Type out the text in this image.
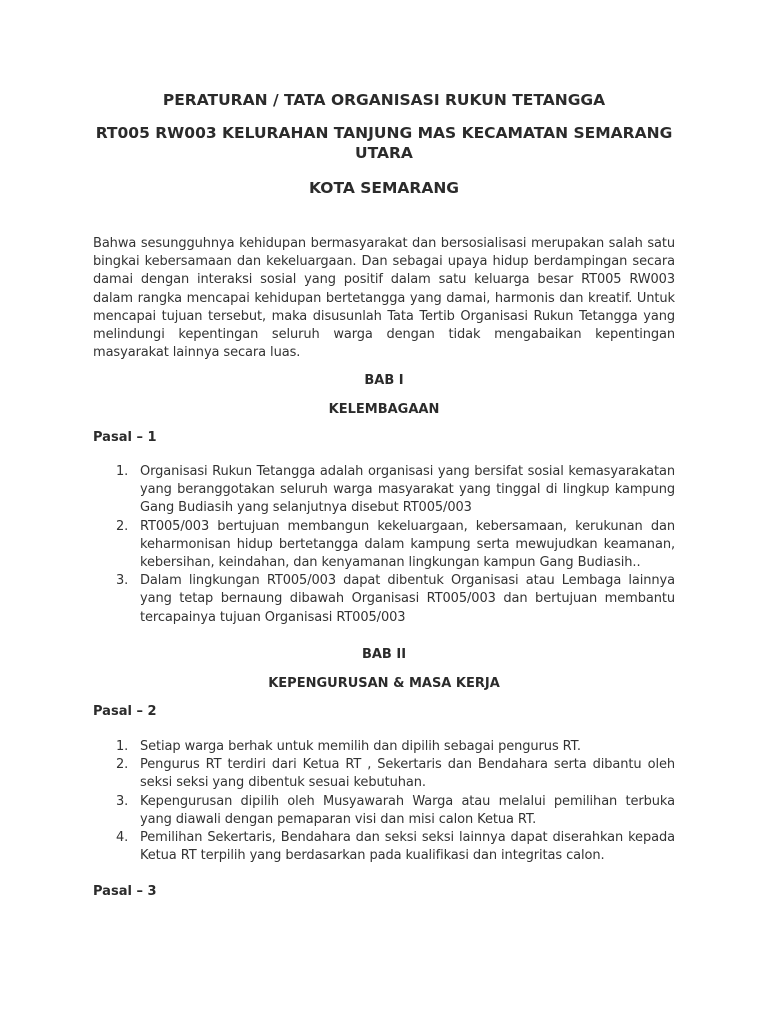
PERATURAN / TATA ORGANISASI RUKUN TETANGGA

RT005 RW003 KELURAHAN TANJUNG MAS KECAMATAN SEMARANG UTARA

KOTA SEMARANG

Bahwa sesungguhnya kehidupan bermasyarakat dan bersosialisasi merupakan salah satu bingkai kebersamaan dan kekeluargaan. Dan sebagai upaya hidup berdampingan secara damai dengan interaksi sosial yang positif dalam satu keluarga besar RT005 RW003 dalam rangka mencapai kehidupan bertetangga yang damai, harmonis dan kreatif. Untuk mencapai tujuan tersebut, maka disusunlah Tata Tertib Organisasi Rukun Tetangga yang melindungi kepentingan seluruh warga dengan tidak mengabaikan kepentingan masyarakat lainnya secara luas.

BAB I

KELEMBAGAAN

Pasal – 1

1. Organisasi Rukun Tetangga adalah organisasi yang bersifat sosial kemasyarakatan yang beranggotakan seluruh warga masyarakat yang tinggal di lingkup kampung Gang Budiasih yang selanjutnya disebut RT005/003
2. RT005/003 bertujuan membangun kekeluargaan, kebersamaan, kerukunan dan keharmonisan hidup bertetangga dalam kampung serta mewujudkan keamanan, kebersihan, keindahan, dan kenyamanan lingkungan kampun Gang Budiasih..
3. Dalam lingkungan RT005/003 dapat dibentuk Organisasi atau Lembaga lainnya yang tetap bernaung dibawah Organisasi RT005/003 dan bertujuan membantu tercapainya tujuan Organisasi RT005/003

BAB II

KEPENGURUSAN & MASA KERJA

Pasal – 2

1. Setiap warga berhak untuk memilih dan dipilih sebagai pengurus RT.
2. Pengurus RT terdiri dari Ketua RT , Sekertaris dan Bendahara serta dibantu oleh seksi seksi yang dibentuk sesuai kebutuhan.
3. Kepengurusan dipilih oleh Musyawarah Warga atau melalui pemilihan terbuka yang diawali dengan pemaparan visi dan misi calon Ketua RT.
4. Pemilihan Sekertaris, Bendahara dan seksi seksi lainnya dapat diserahkan kepada Ketua RT terpilih yang berdasarkan pada kualifikasi dan integritas calon.

Pasal – 3
